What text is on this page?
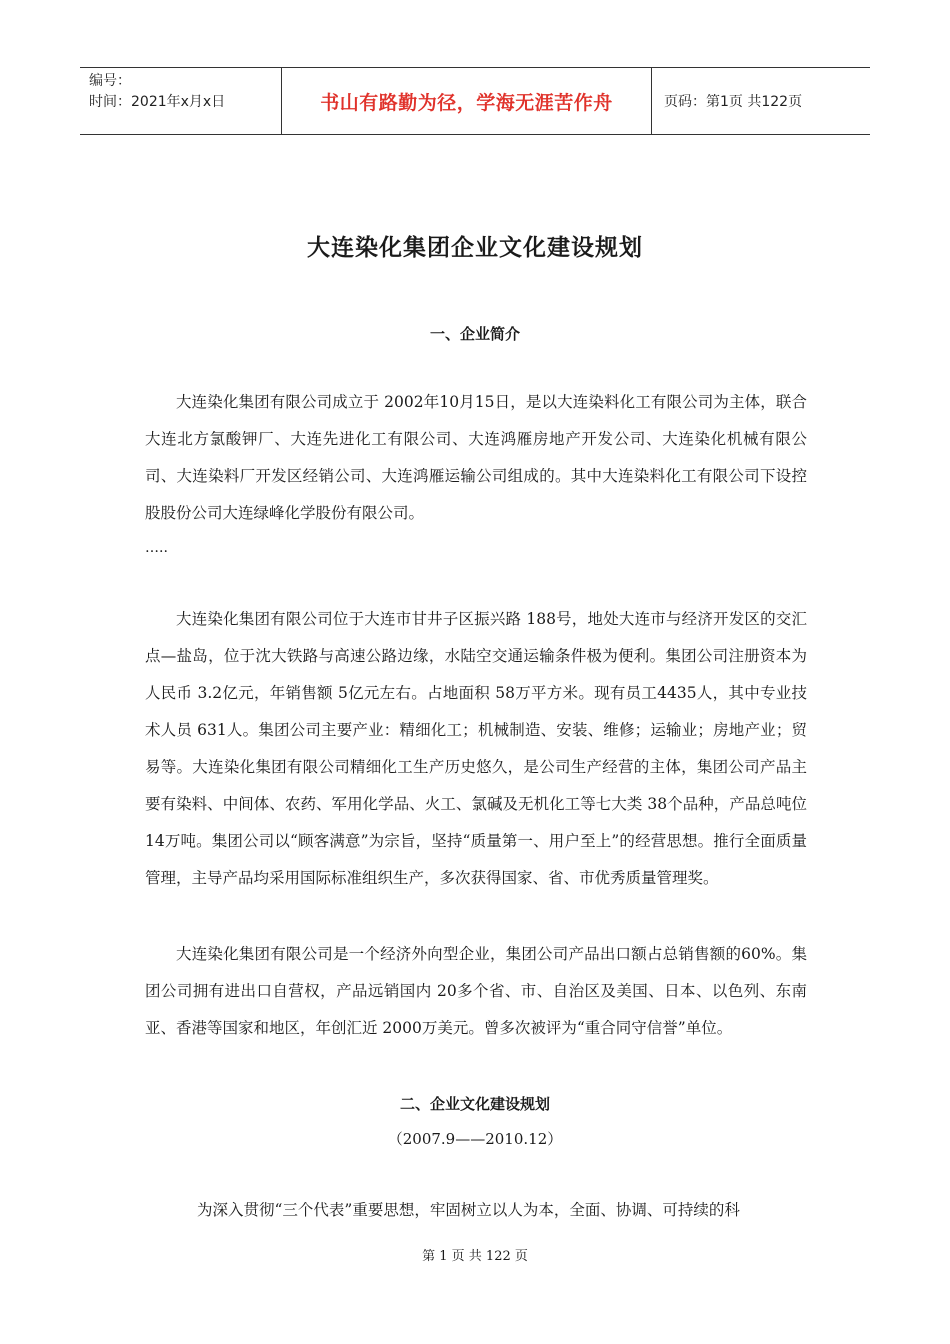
编号：
时间：2021年x月x日	书山有路勤为径，学海无涯苦作舟	页码：第1页 共122页
大连染化集团企业文化建设规划
一、企业简介

大连染化集团有限公司成立于 2002年10月15日，是以大连染料化工有限公司为主体，联合大连北方氯酸钾厂、大连先进化工有限公司、大连鸿雁房地产开发公司、大连染化机械有限公司、大连染料厂开发区经销公司、大连鸿雁运输公司组成的。其中大连染料化工有限公司下设控股股份公司大连绿峰化学股份有限公司。

…..

大连染化集团有限公司位于大连市甘井子区振兴路 188号，地处大连市与经济开发区的交汇点—盐岛，位于沈大铁路与高速公路边缘，水陆空交通运输条件极为便利。集团公司注册资本为人民币 3.2亿元，年销售额 5亿元左右。占地面积 58万平方米。现有员工4435人，其中专业技术人员 631人。集团公司主要产业：精细化工；机械制造、安装、维修；运输业；房地产业；贸易等。大连染化集团有限公司精细化工生产历史悠久，是公司生产经营的主体，集团公司产品主要有染料、中间体、农药、军用化学品、火工、氯碱及无机化工等七大类 38个品种，产品总吨位 14万吨。集团公司以“顾客满意”为宗旨，坚持“质量第一、用户至上”的经营思想。推行全面质量管理，主导产品均采用国际标准组织生产，多次获得国家、省、市优秀质量管理奖。

大连染化集团有限公司是一个经济外向型企业，集团公司产品出口额占总销售额的60%。集团公司拥有进出口自营权，产品远销国内 20多个省、市、自治区及美国、日本、以色列、东南亚、香港等国家和地区，年创汇近 2000万美元。曾多次被评为“重合同守信誉”单位。

二、企业文化建设规划
（2007.9——2010.12）

为深入贯彻“三个代表”重要思想，牢固树立以人为本，全面、协调、可持续的科

第 1 页 共 122 页
